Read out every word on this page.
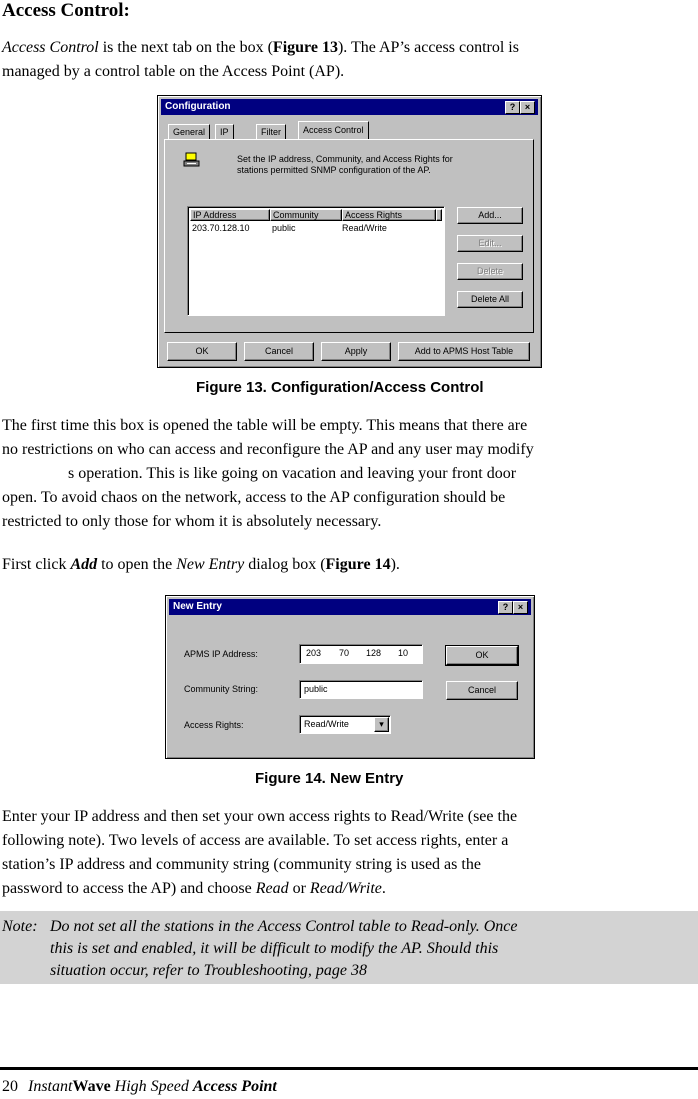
Access Control:

Access Control is the next tab on the box (Figure 13). The AP’s access control is

managed by a control table on the Access Point (AP).

Configuration	?	×
General	IP	Filter	Access Control
Set the IP address, Community, and Access Rights for
stations permitted SNMP configuration of the AP.
IP Address	Community	Access Rights
203.70.128.10 public	Read/Write
Add...
Edit...
Delete
Delete All
OK	Cancel	Apply	Add to APMS Host Table
Figure 13. Configuration/Access Control

The first time this box is opened the table will be empty. This means that there are

no restrictions on who can access and reconfigure the AP and any user may modify

s operation. This is like going on vacation and leaving your front door

open. To avoid chaos on the network, access to the AP configuration should be

restricted to only those for whom it is absolutely necessary.

First click Add to open the New Entry dialog box (Figure 14).

New Entry	?	×
APMS IP Address:	203 70 128 10
Community String:	public
Access Rights:	Read/Write	▾
OK
Cancel
Figure 14. New Entry

Enter your IP address and then set your own access rights to Read/Write (see the

following note). Two levels of access are available. To set access rights, enter a

station’s IP address and community string (community string is used as the

password to access the AP) and choose Read or Read/Write.

Note: Do not set all the stations in the Access Control table to Read-only. Once

this is set and enabled, it will be difficult to modify the AP. Should this

situation occur, refer to Troubleshooting, page 38

20 InstantWave High Speed Access Point
